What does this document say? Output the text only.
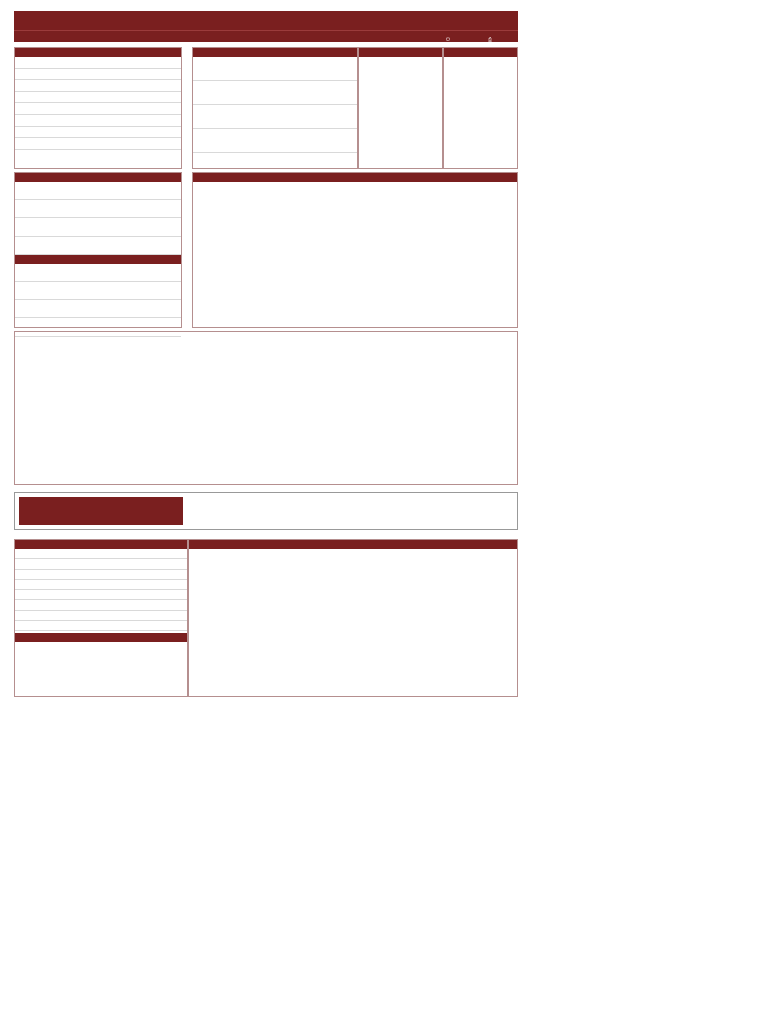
⏻	⎙
